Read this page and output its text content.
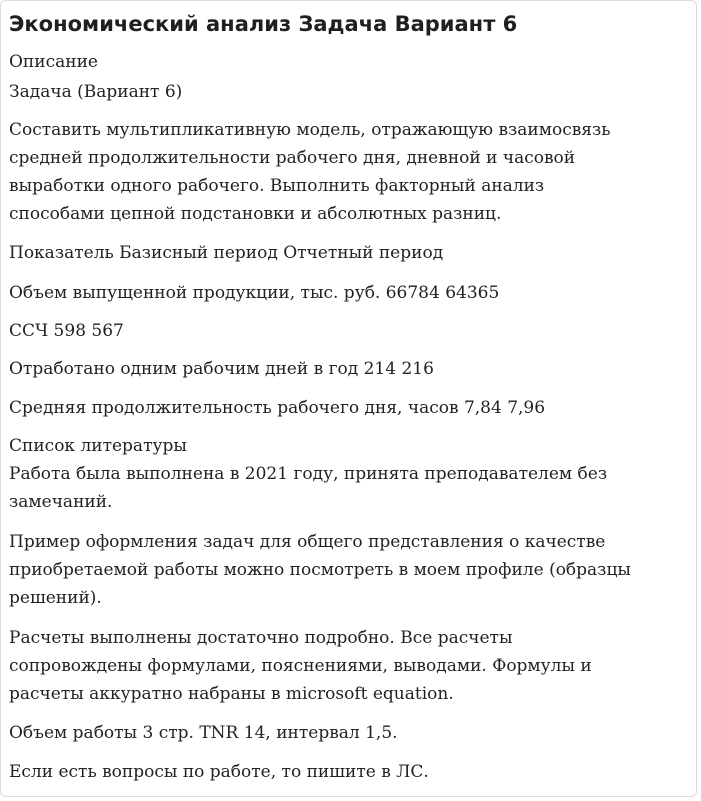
Экономический анализ Задача Вариант 6

Описание

Задача (Вариант 6)

Составить мультипликативную модель, отражающую взаимосвязь
средней продолжительности рабочего дня, дневной и часовой
выработки одного рабочего. Выполнить факторный анализ
способами цепной подстановки и абсолютных разниц.

Показатель Базисный период Отчетный период

Объем выпущенной продукции, тыс. руб. 66784 64365

ССЧ 598 567

Отработано одним рабочим дней в год 214 216

Средняя продолжительность рабочего дня, часов 7,84 7,96

Список литературы

Работа была выполнена в 2021 году, принята преподавателем без
замечаний.
Пример оформления задач для общего представления о качестве
приобретаемой работы можно посмотреть в моем профиле (образцы
решений).
Расчеты выполнены достаточно подробно. Все расчеты
сопровождены формулами, пояснениями, выводами. Формулы и
расчеты аккуратно набраны в microsoft equation.

Объем работы 3 стр. TNR 14, интервал 1,5.

Если есть вопросы по работе, то пишите в ЛС.
